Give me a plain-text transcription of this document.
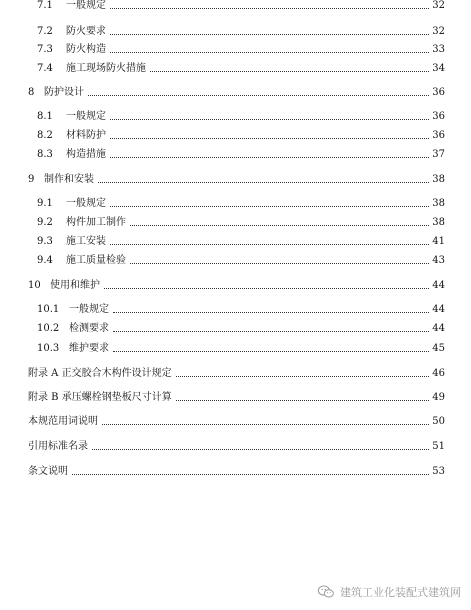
7.1	一般规定	32
7.2	防火要求	32
7.3	防火构造	33
7.4	施工现场防火措施	34
8 防护设计	36
8.1	一般规定	36
8.2	材料防护	36
8.3	构造措施	37
9 制作和安装	38
9.1	一般规定	38
9.2	构件加工制作	38
9.3	施工安装	41
9.4	施工质量检验	43
10 使用和维护	44
10.1 一般规定	44
10.2 检测要求	44
10.3 维护要求	45
附录 A 正交胶合木构件设计规定	46
附录 B 承压螺栓钢垫板尺寸计算	49
本规范用词说明	50
引用标准名录	51
条文说明	53
建筑工业化装配式建筑网
